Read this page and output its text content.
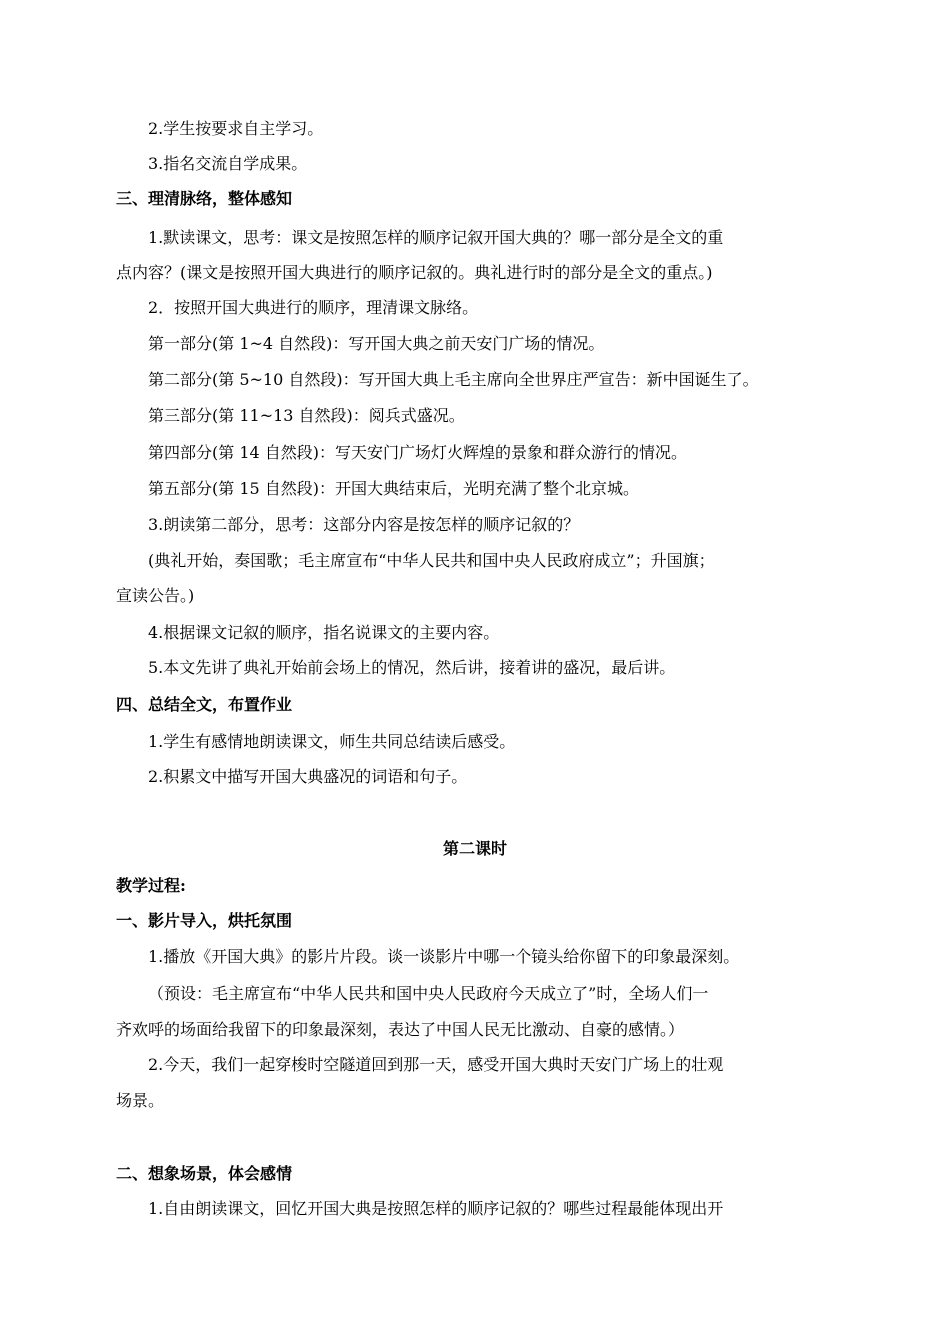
2.学生按要求自主学习。
3.指名交流自学成果。
三、理清脉络，整体感知
1.默读课文，思考：课文是按照怎样的顺序记叙开国大典的？哪一部分是全文的重
点内容？(课文是按照开国大典进行的顺序记叙的。典礼进行时的部分是全文的重点。)
2．按照开国大典进行的顺序，理清课文脉络。
第一部分(第 1~4 自然段)：写开国大典之前天安门广场的情况。
第二部分(第 5~10 自然段)：写开国大典上毛主席向全世界庄严宣告：新中国诞生了。
第三部分(第 11~13 自然段)：阅兵式盛况。
第四部分(第 14 自然段)：写天安门广场灯火辉煌的景象和群众游行的情况。
第五部分(第 15 自然段)：开国大典结束后，光明充满了整个北京城。
3.朗读第二部分，思考：这部分内容是按怎样的顺序记叙的？
(典礼开始，奏国歌；毛主席宣布“中华人民共和国中央人民政府成立”；升国旗；
宣读公告。)
4.根据课文记叙的顺序，指名说课文的主要内容。
5.本文先讲了典礼开始前会场上的情况，然后讲，接着讲的盛况，最后讲。
四、总结全文，布置作业
1.学生有感情地朗读课文，师生共同总结读后感受。
2.积累文中描写开国大典盛况的词语和句子。
第二课时
教学过程:
一、影片导入，烘托氛围
1.播放《开国大典》的影片片段。谈一谈影片中哪一个镜头给你留下的印象最深刻。
（预设：毛主席宣布“中华人民共和国中央人民政府今天成立了”时，全场人们一
齐欢呼的场面给我留下的印象最深刻，表达了中国人民无比激动、自豪的感情。）
2.今天，我们一起穿梭时空隧道回到那一天，感受开国大典时天安门广场上的壮观
场景。
二、想象场景，体会感情
1.自由朗读课文，回忆开国大典是按照怎样的顺序记叙的？哪些过程最能体现出开
